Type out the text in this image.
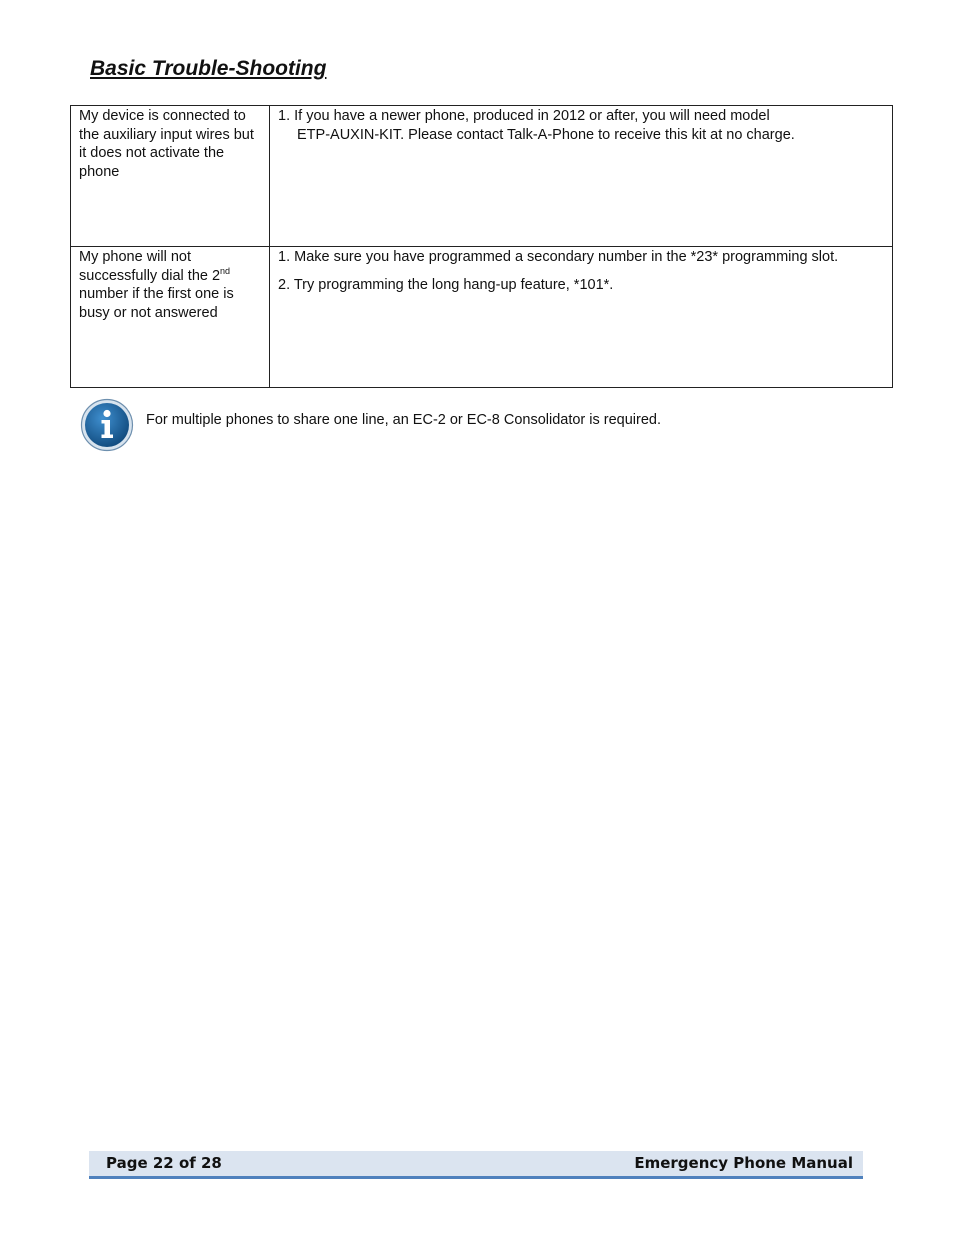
Basic Trouble-Shooting
My device is connected to the auxiliary input wires but it does not activate the phone	1. If you have a newer phone, produced in 2012 or after, you will need model
ETP-AUXIN-KIT. Please contact Talk-A-Phone to receive this kit at no charge.

My phone will not successfully dial the 2nd number if the first one is busy or not answered	1. Make sure you have programmed a secondary number in the *23* programming slot.
2. Try programming the long hang-up feature, *101*.
For multiple phones to share one line, an EC-2 or EC-8 Consolidator is required.
Page 22 of 28	Emergency Phone Manual
